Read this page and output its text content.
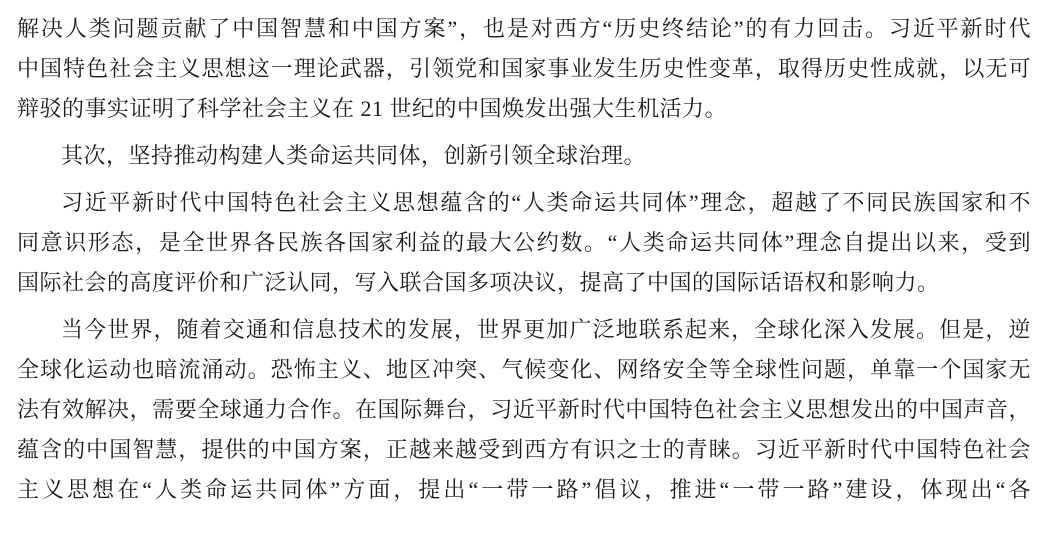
解决人类问题贡献了中国智慧和中国方案”，也是对西方“历史终结论”的有力回击。习近平新时代
中国特色社会主义思想这一理论武器，引领党和国家事业发生历史性变革，取得历史性成就，以无可
辩驳的事实证明了科学社会主义在 21 世纪的中国焕发出强大生机活力。
其次，坚持推动构建人类命运共同体，创新引领全球治理。
习近平新时代中国特色社会主义思想蕴含的“人类命运共同体”理念，超越了不同民族国家和不
同意识形态，是全世界各民族各国家利益的最大公约数。“人类命运共同体”理念自提出以来，受到
国际社会的高度评价和广泛认同，写入联合国多项决议，提高了中国的国际话语权和影响力。
当今世界，随着交通和信息技术的发展，世界更加广泛地联系起来，全球化深入发展。但是，逆
全球化运动也暗流涌动。恐怖主义、地区冲突、气候变化、网络安全等全球性问题，单靠一个国家无
法有效解决，需要全球通力合作。在国际舞台，习近平新时代中国特色社会主义思想发出的中国声音，
蕴含的中国智慧，提供的中国方案，正越来越受到西方有识之士的青睐。习近平新时代中国特色社会
主义思想在“人类命运共同体”方面，提出“一带一路”倡议，推进“一带一路”建设，体现出“各
